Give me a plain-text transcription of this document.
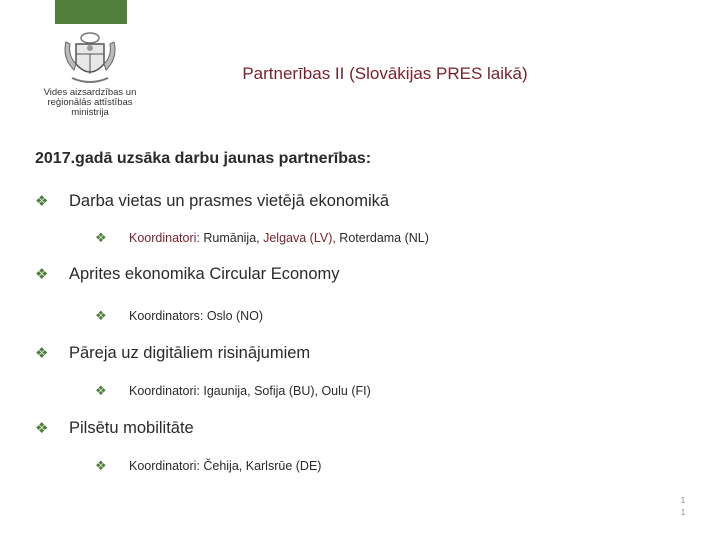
Vides aizsardzības un
reģionālās attīstības
ministrija
Partnerības II (Slovākijas PRES laikā)
2017.gadā uzsāka darbu jaunas partnerības:
❖	Darba vietas un prasmes vietējā ekonomikā
❖	Koordinatori: Rumānija, Jelgava (LV), Roterdama (NL)
❖	Aprites ekonomika Circular Economy
❖	Koordinators: Oslo (NO)
❖	Pāreja uz digitāliem risinājumiem
❖	Koordinatori: Igaunija, Sofija (BU), Oulu (FI)
❖	Pilsētu mobilitāte
❖	Koordinatori: Čehija, Karlsrūe (DE)
1
1
